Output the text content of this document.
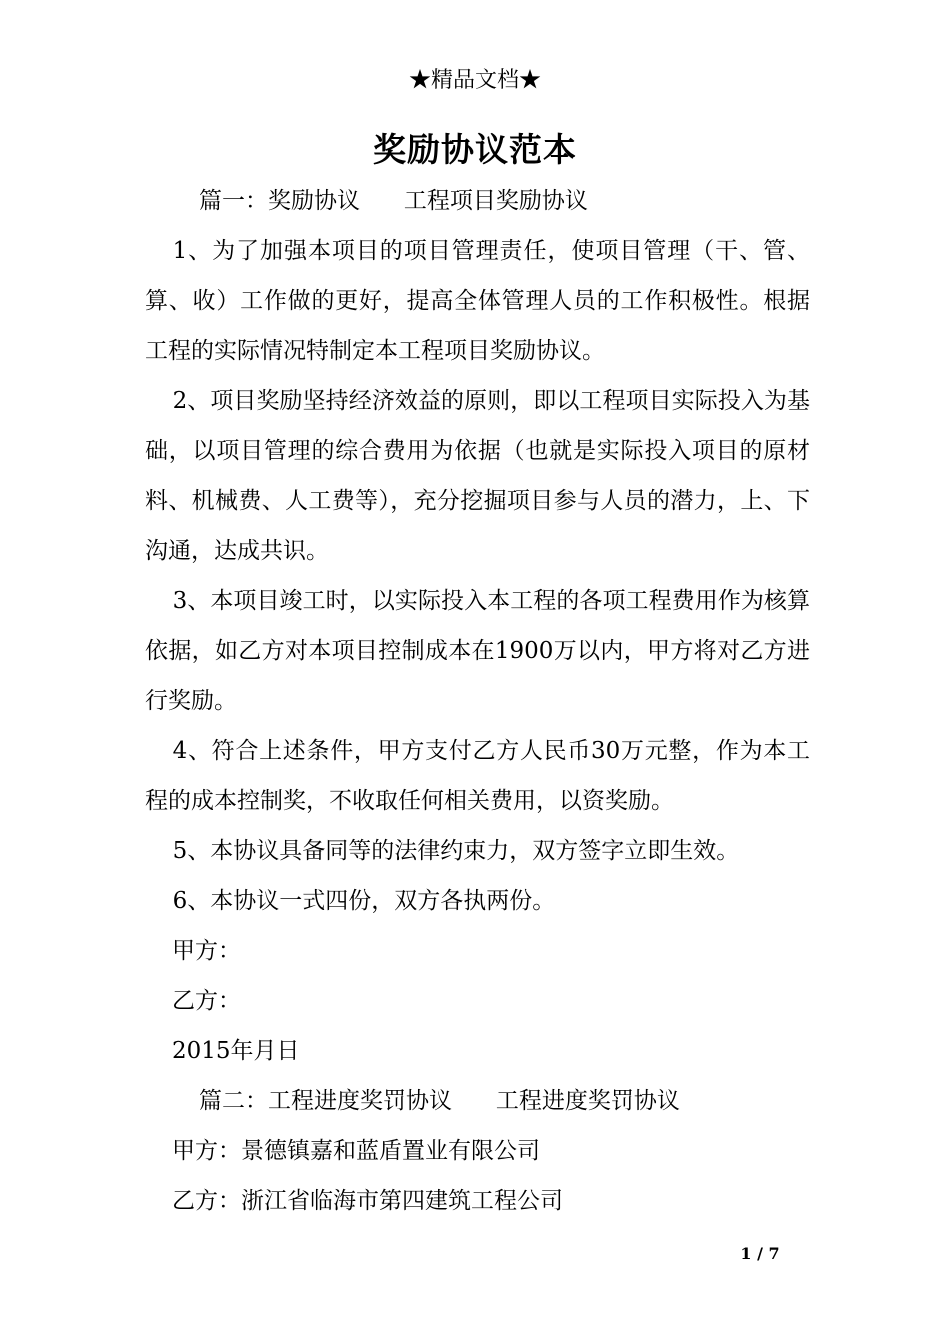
★精品文档★
奖励协议范本
篇一：奖励协议 工程项目奖励协议

1、为了加强本项目的项目管理责任，使项目管理（干、管、算、收）工作做的更好，提高全体管理人员的工作积极性。根据工程的实际情况特制定本工程项目奖励协议。

2、项目奖励坚持经济效益的原则，即以工程项目实际投入为基础，以项目管理的综合费用为依据（也就是实际投入项目的原材料、机械费、人工费等），充分挖掘项目参与人员的潜力，上、下沟通，达成共识。

3、本项目竣工时，以实际投入本工程的各项工程费用作为核算依据，如乙方对本项目控制成本在1900万以内，甲方将对乙方进行奖励。

4、符合上述条件，甲方支付乙方人民币30万元整，作为本工程的成本控制奖，不收取任何相关费用，以资奖励。

5、本协议具备同等的法律约束力，双方签字立即生效。

6、本协议一式四份，双方各执两份。

甲方：

乙方：

2015年月日

篇二：工程进度奖罚协议 工程进度奖罚协议

甲方：景德镇嘉和蓝盾置业有限公司

乙方：浙江省临海市第四建筑工程公司

1 / 7
